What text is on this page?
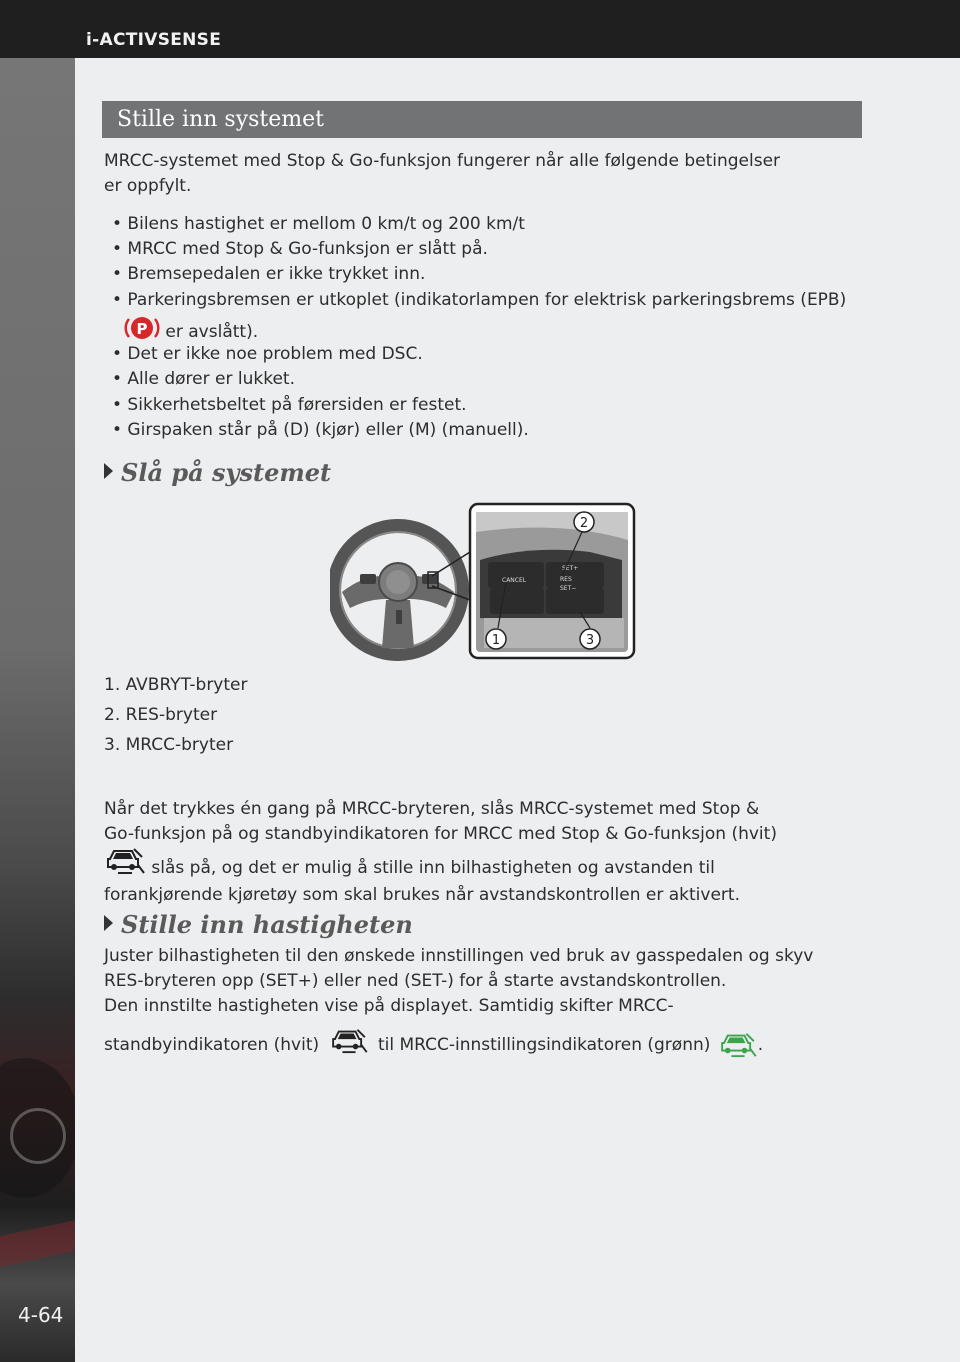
i-ACTIVSENSE
4-64
Stille inn systemet
MRCC-systemet med Stop & Go-funksjon fungerer når alle følgende betingelser
er oppfylt.
• Bilens hastighet er mellom 0 km/t og 200 km/t
• MRCC med Stop & Go-funksjon er slått på.
• Bremsepedalen er ikke trykket inn.
• Parkeringsbremsen er utkoplet (indikatorlampen for elektrisk parkeringsbrems (EPB)
P er avslått).
• Det er ikke noe problem med DSC.
• Alle dører er lukket.
• Sikkerhetsbeltet på førersiden er festet.
• Girspaken står på (D) (kjør) eller (M) (manuell).
Slå på systemet
CANCEL
SET+
RES
SET−
2
1	3
1. AVBRYT-bryter
2. RES-bryter
3. MRCC-bryter
Når det trykkes én gang på MRCC-bryteren, slås MRCC-systemet med Stop &
Go-funksjon på og standbyindikatoren for MRCC med Stop & Go-funksjon (hvit)
slås på, og det er mulig å stille inn bilhastigheten og avstanden til
forankjørende kjøretøy som skal brukes når avstandskontrollen er aktivert.
Stille inn hastigheten
Juster bilhastigheten til den ønskede innstillingen ved bruk av gasspedalen og skyv
RES-bryteren opp (SET+) eller ned (SET-) for å starte avstandskontrollen.
Den innstilte hastigheten vise på displayet. Samtidig skifter MRCC-
standbyindikatoren (hvit)	til MRCC-innstillingsindikatoren (grønn)	.
